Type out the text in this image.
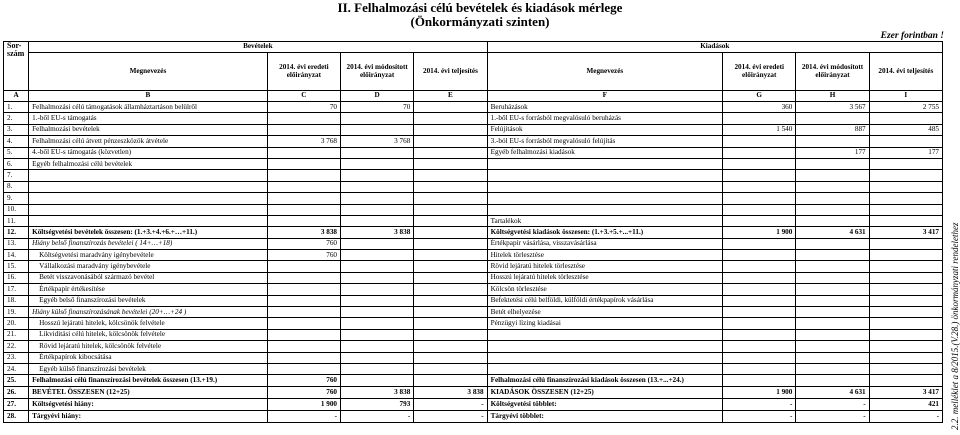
II. Felhalmozási célú bevételek és kiadások mérlege
(Önkormányzati szinten)
Ezer forintban !
Sor-szám	Bevételek				Kiadások			
	Megnevezés	2014. évi eredeti előirányzat	2014. évi módosított előirányzat	2014. évi teljesítés	Megnevezés	2014. évi eredeti előirányzat	2014. évi módosított előirányzat	2014. évi teljesítés
A	B	C	D	E	F	G	H	I
1.	Felhalmozási célú támogatások államháztartáson belülről	70	70		Beruházások	360	3 567	2 755
2.	1.-ből EU-s támogatás				1.-ből EU-s forrásból megvalósuló beruházás			
3.	Felhalmozási bevételek				Felújítások	1 540	887	485
4.	Felhalmozási célú átvett pénzeszközök átvétele	3 768	3 768		3.-ból EU-s forrásból megvalósuló felújítás			
5.	4.-ből EU-s támogatás (közvetlen)				Egyéb felhalmozási kiadások		177	177
6.	Egyéb felhalmozási célú bevételek							
7.								
8.								
9.								
10.								
11.					Tartalékok			
12.	Költségvetési bevételek összesen: (1.+3.+4.+6.+…+11.)	3 838	3 838		Költségvetési kiadások összesen: (1.+3.+5.+...+11.)	1 900	4 631	3 417
13.	Hiány belső finanszírozás bevételei ( 14+…+18)	760			Értékpapír vásárlása, visszavásárlása			
14.	Költségvetési maradvány igénybevétele	760			Hitelek törlesztése			
15.	Vállalkozási maradvány igénybevétele				Rövid lejáratú hitelek törlesztése			
16.	Betét visszavonásából származó bevétel				Hosszú lejáratú hitelek törlesztése			
17.	Értékpapír értékesítése				Kölcsön törlesztése			
18.	Egyéb belső finanszírozási bevételek				Befektetési célú belföldi, külföldi értékpapírok vásárlása			
19.	Hiány külső finanszírozásának bevételei (20+…+24 )				Betét elhelyezése			
20.	Hosszú lejáratú hitelek, kölcsönök felvétele				Pénzügyi lízing kiadásai			
21.	Likviditási célú hitelek, kölcsönök felvétele							
22.	Rövid lejáratú hitelek, kölcsönök felvétele							
23.	Értékpapírok kibocsátása							
24.	Egyéb külső finanszírozási bevételek							
25.	Felhalmozási célú finanszírozási bevételek összesen (13.+19.)	760			Felhalmozási célú finanszírozási kiadások összesen (13.+...+24.)			
26.	BEVÉTEL ÖSSZESEN (12+25)	760	3 838	3 838	KIADÁSOK ÖSSZESEN (12+25)	1 900	4 631	3 417
27.	Költségvetési hiány:	1 900	793	-	Költségvetési többlet:	-	-	421
28.	Tárgyévi hiány:	-	-	-	Tárgyévi többlet:	-	-	- 2.2. melléklet a 8/2015.(V.28.) önkormányzati rendelethez
